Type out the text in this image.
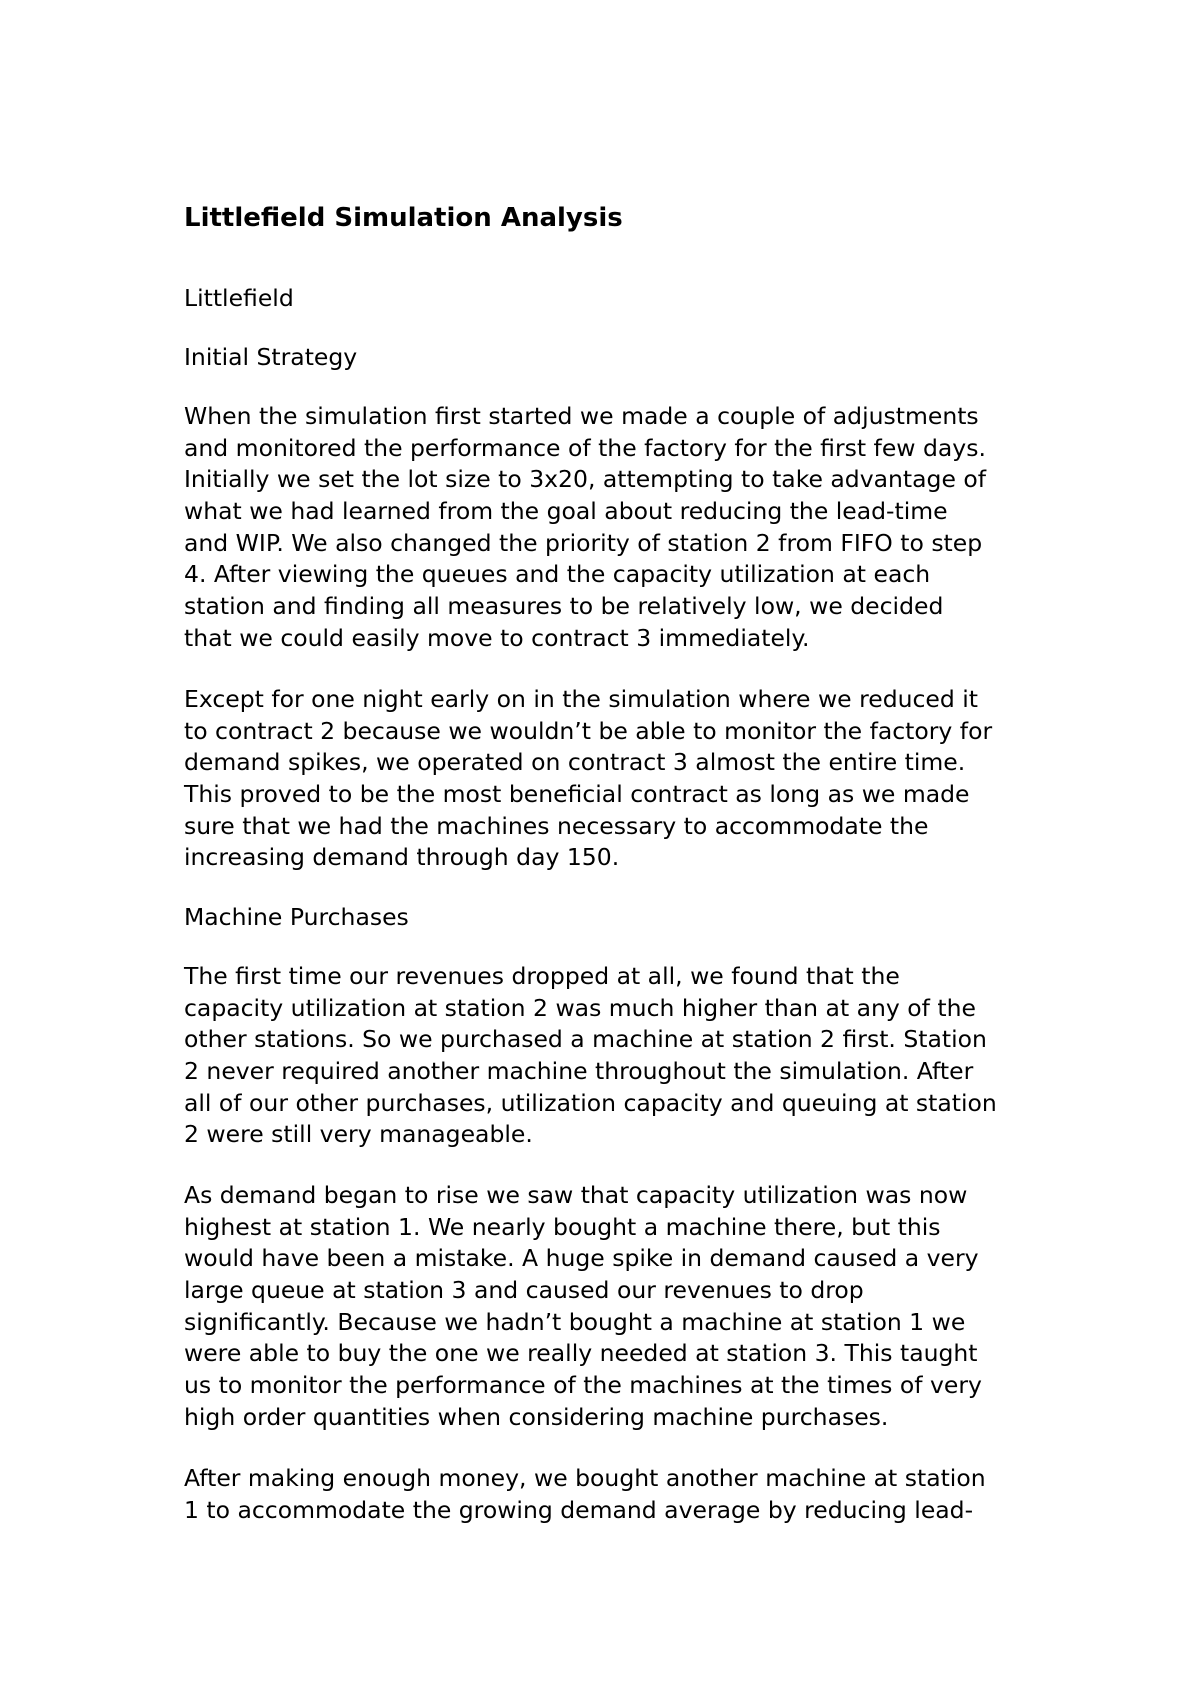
Littlefield Simulation Analysis
Littlefield
Initial Strategy
When the simulation first started we made a couple of adjustments
and monitored the performance of the factory for the first few days.
Initially we set the lot size to 3x20, attempting to take advantage of
what we had learned from the goal about reducing the lead-time
and WIP. We also changed the priority of station 2 from FIFO to step
4. After viewing the queues and the capacity utilization at each
station and finding all measures to be relatively low, we decided
that we could easily move to contract 3 immediately.
Except for one night early on in the simulation where we reduced it
to contract 2 because we wouldn’t be able to monitor the factory for
demand spikes, we operated on contract 3 almost the entire time.
This proved to be the most beneficial contract as long as we made
sure that we had the machines necessary to accommodate the
increasing demand through day 150.
Machine Purchases
The first time our revenues dropped at all, we found that the
capacity utilization at station 2 was much higher than at any of the
other stations. So we purchased a machine at station 2 first. Station
2 never required another machine throughout the simulation. After
all of our other purchases, utilization capacity and queuing at station
2 were still very manageable.
As demand began to rise we saw that capacity utilization was now
highest at station 1. We nearly bought a machine there, but this
would have been a mistake. A huge spike in demand caused a very
large queue at station 3 and caused our revenues to drop
significantly. Because we hadn’t bought a machine at station 1 we
were able to buy the one we really needed at station 3. This taught
us to monitor the performance of the machines at the times of very
high order quantities when considering machine purchases.
After making enough money, we bought another machine at station
1 to accommodate the growing demand average by reducing lead-
